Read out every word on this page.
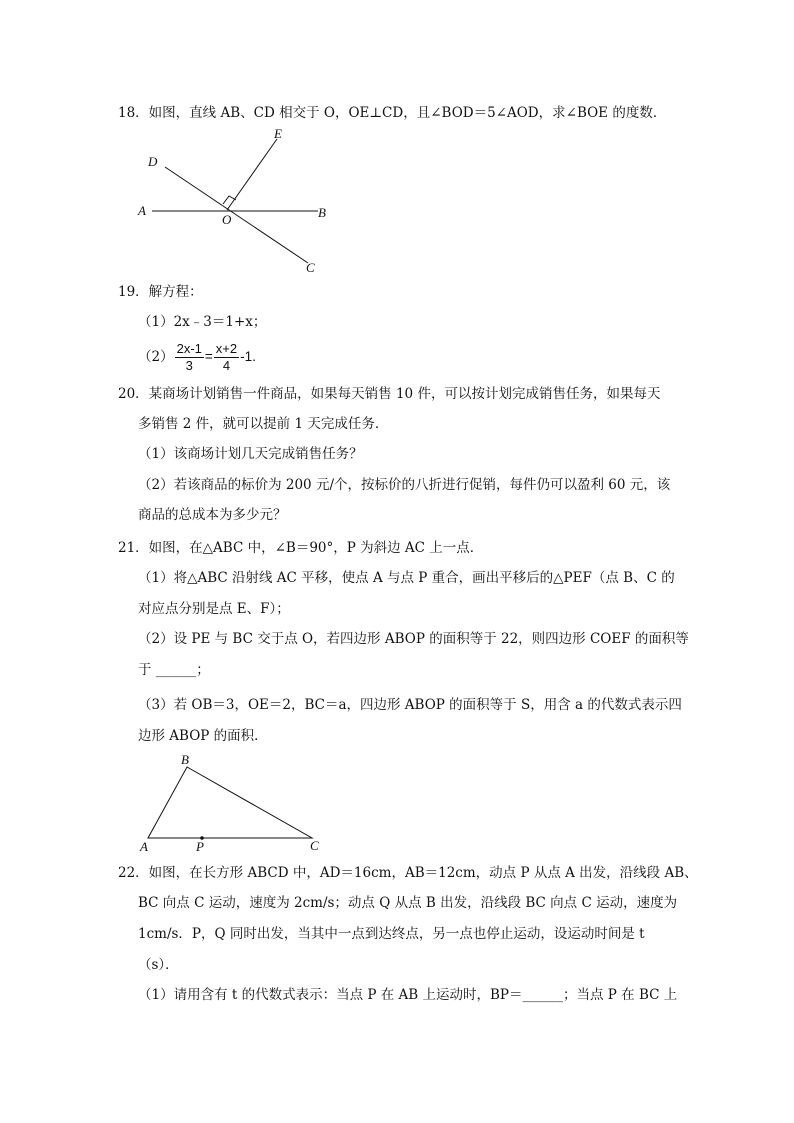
18．如图，直线 AB、CD 相交于 O，OE⊥CD，且∠BOD＝5∠AOD，求∠BOE 的度数．
E
D
A
O	B
C
19．解方程：
（1）2x﹣3＝1+x；
$(2) \frac{2x-1}{3} = \frac{x+2}{4} -1$.
20．某商场计划销售一件商品，如果每天销售 10 件，可以按计划完成销售任务，如果每天
多销售 2 件，就可以提前 1 天完成任务．
（1）该商场计划几天完成销售任务？
（2）若该商品的标价为 200 元/个，按标价的八折进行促销，每件仍可以盈利 60 元，该
商品的总成本为多少元？
21．如图，在△ABC 中，∠B＝90°，P 为斜边 AC 上一点．
（1）将△ABC 沿射线 AC 平移，使点 A 与点 P 重合，画出平移后的△PEF（点 B、C 的
对应点分别是点 E、F）；
（2）设 PE 与 BC 交于点 O，若四边形 ABOP 的面积等于 22，则四边形 COEF 的面积等
于 ______；
（3）若 OB＝3，OE＝2，BC＝a，四边形 ABOP 的面积等于 S，用含 a 的代数式表示四
边形 ABOP 的面积．
B
A	P	C
22．如图，在长方形 ABCD 中，AD＝16cm，AB＝12cm，动点 P 从点 A 出发，沿线段 AB、
BC 向点 C 运动，速度为 2cm/s；动点 Q 从点 B 出发，沿线段 BC 向点 C 运动，速度为
1cm/s．P，Q 同时出发，当其中一点到达终点，另一点也停止运动，设运动时间是 t
（s）．
（1）请用含有 t 的代数式表示：当点 P 在 AB 上运动时，BP＝______；当点 P 在 BC 上
